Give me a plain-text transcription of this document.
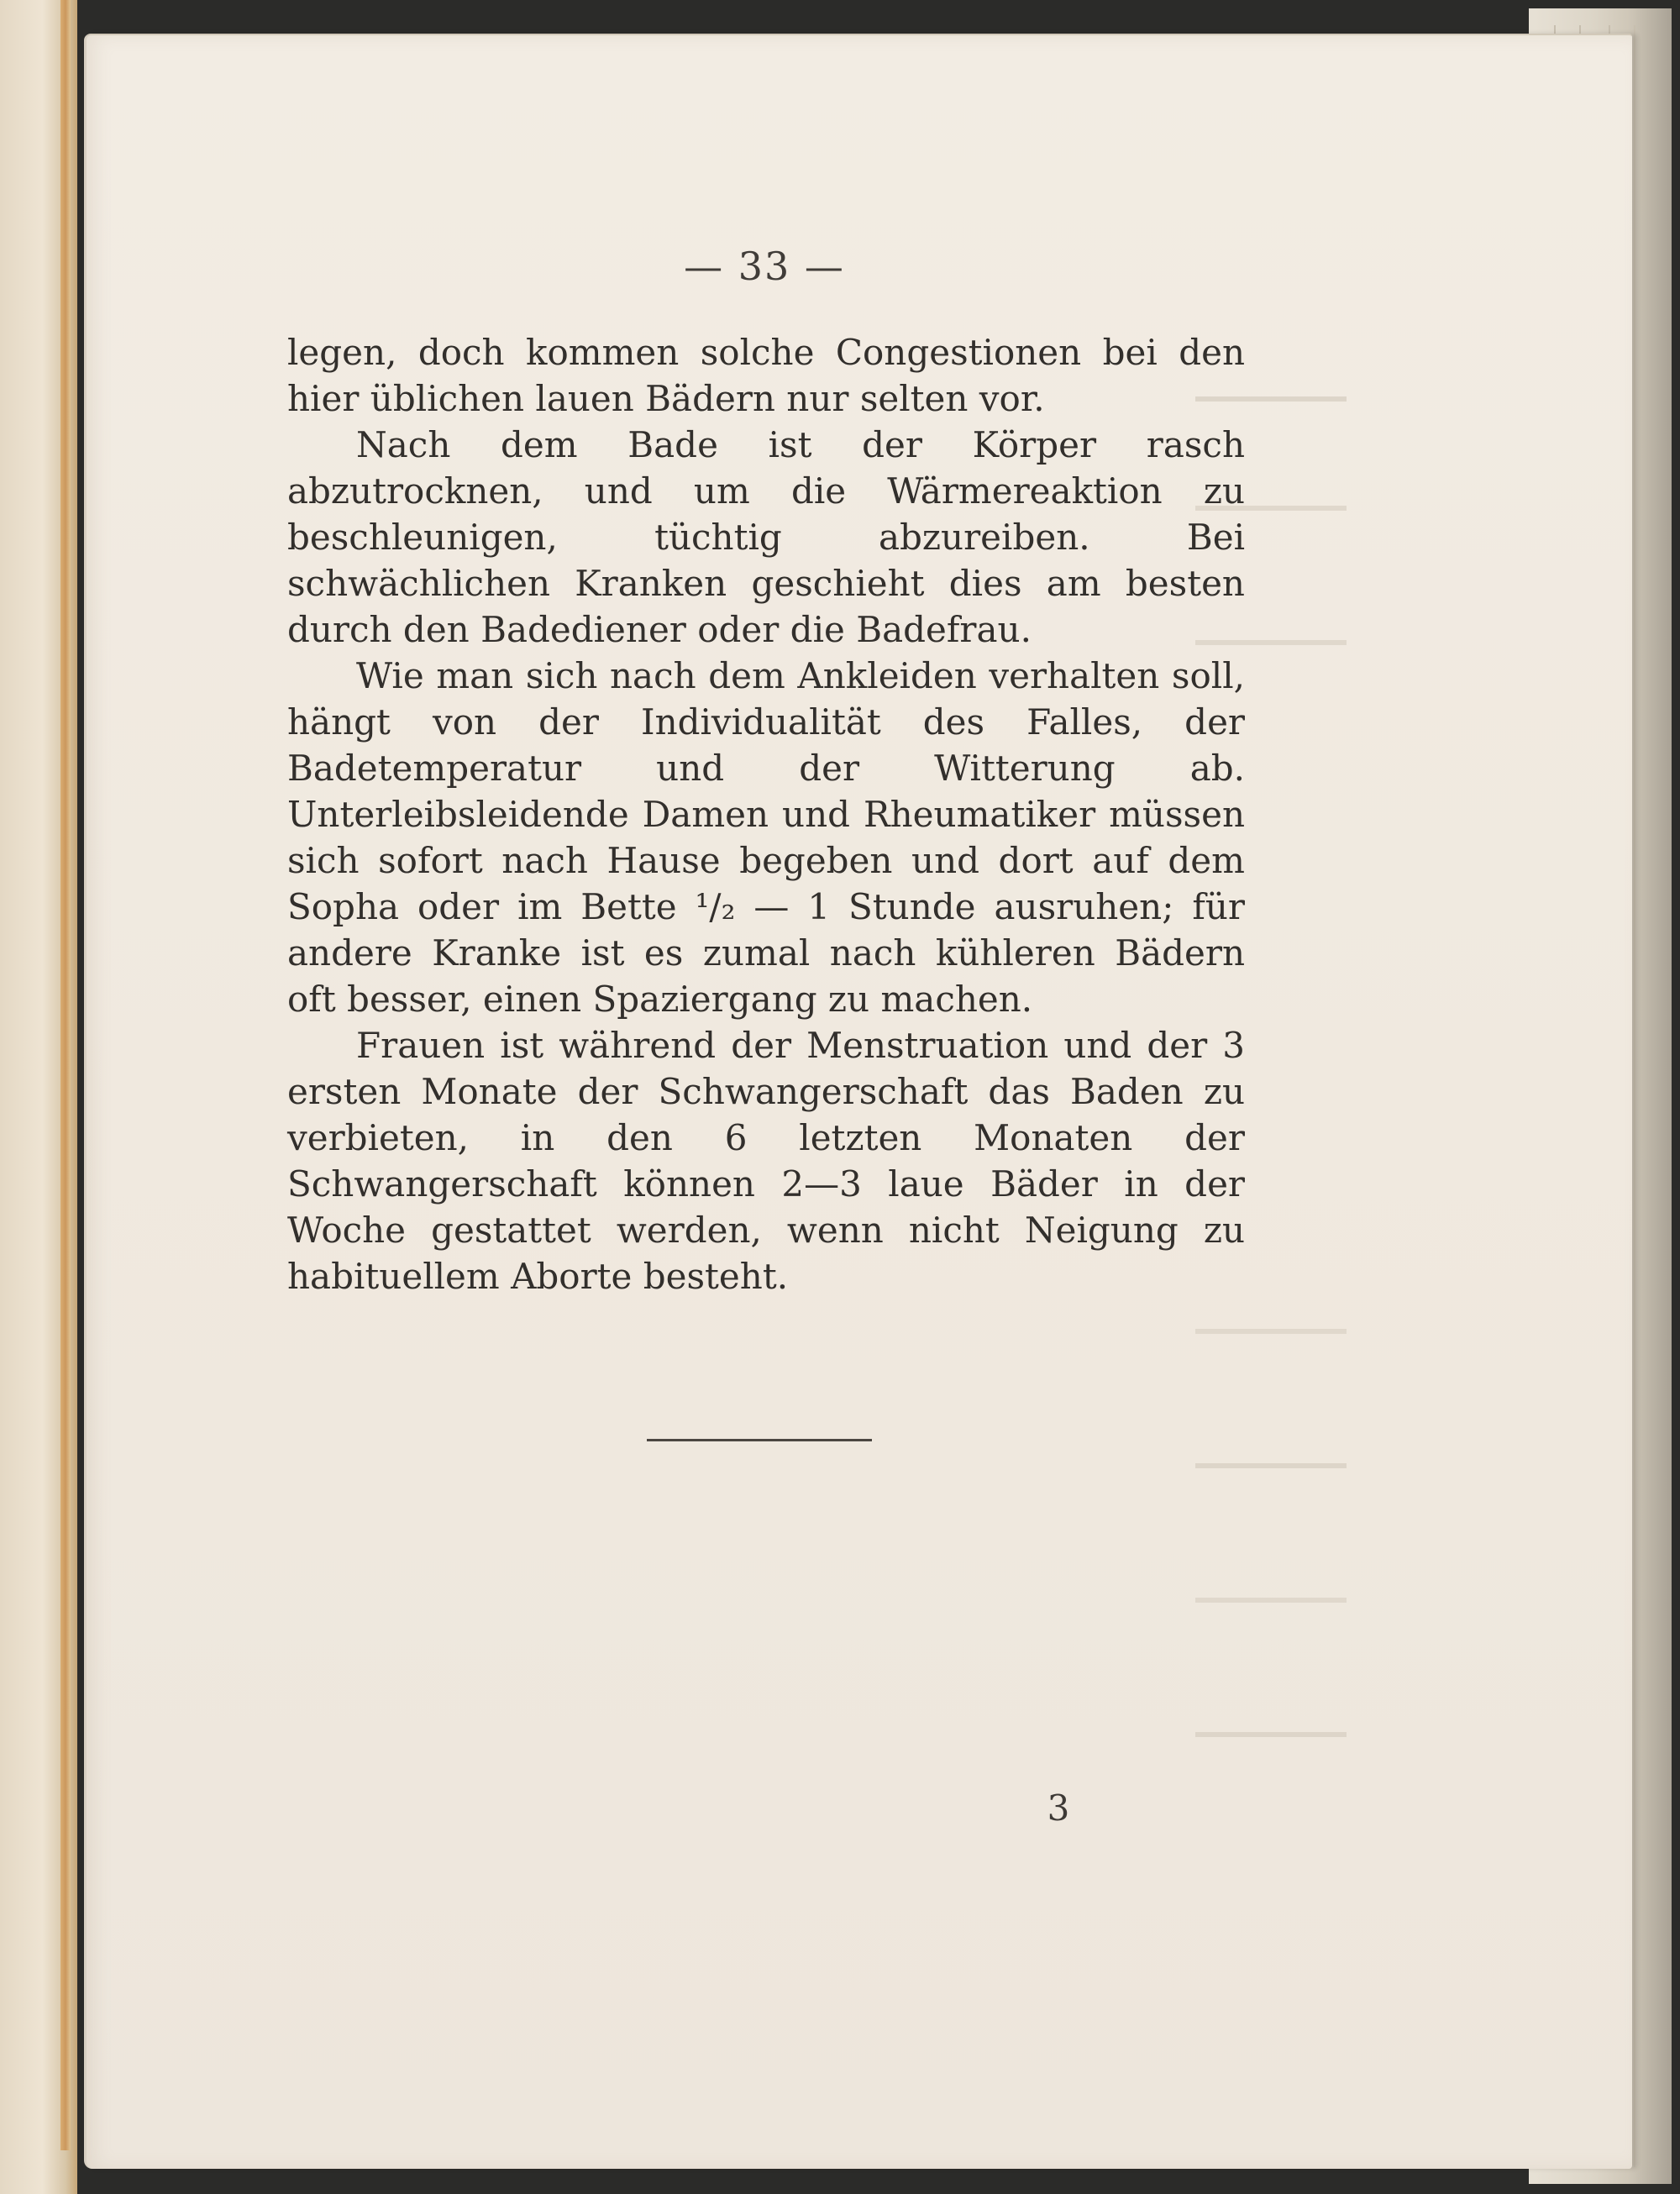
— 33 —

legen, doch kommen solche Congestionen bei den hier üblichen lauen Bädern nur selten vor.

Nach dem Bade ist der Körper rasch abzutrocknen, und um die Wärmereaktion zu beschleunigen, tüchtig abzureiben. Bei schwächlichen Kranken geschieht dies am besten durch den Badediener oder die Badefrau.

Wie man sich nach dem Ankleiden verhalten soll, hängt von der Individualität des Falles, der Badetemperatur und der Witterung ab. Unterleibsleidende Damen und Rheumatiker müssen sich sofort nach Hause begeben und dort auf dem Sopha oder im Bette ¹/₂ — 1 Stunde ausruhen; für andere Kranke ist es zumal nach kühleren Bädern oft besser, einen Spaziergang zu machen.

Frauen ist während der Menstruation und der 3 ersten Monate der Schwangerschaft das Baden zu verbieten, in den 6 letzten Monaten der Schwangerschaft können 2—3 laue Bäder in der Woche gestattet werden, wenn nicht Neigung zu habituellem Aborte besteht.

3
